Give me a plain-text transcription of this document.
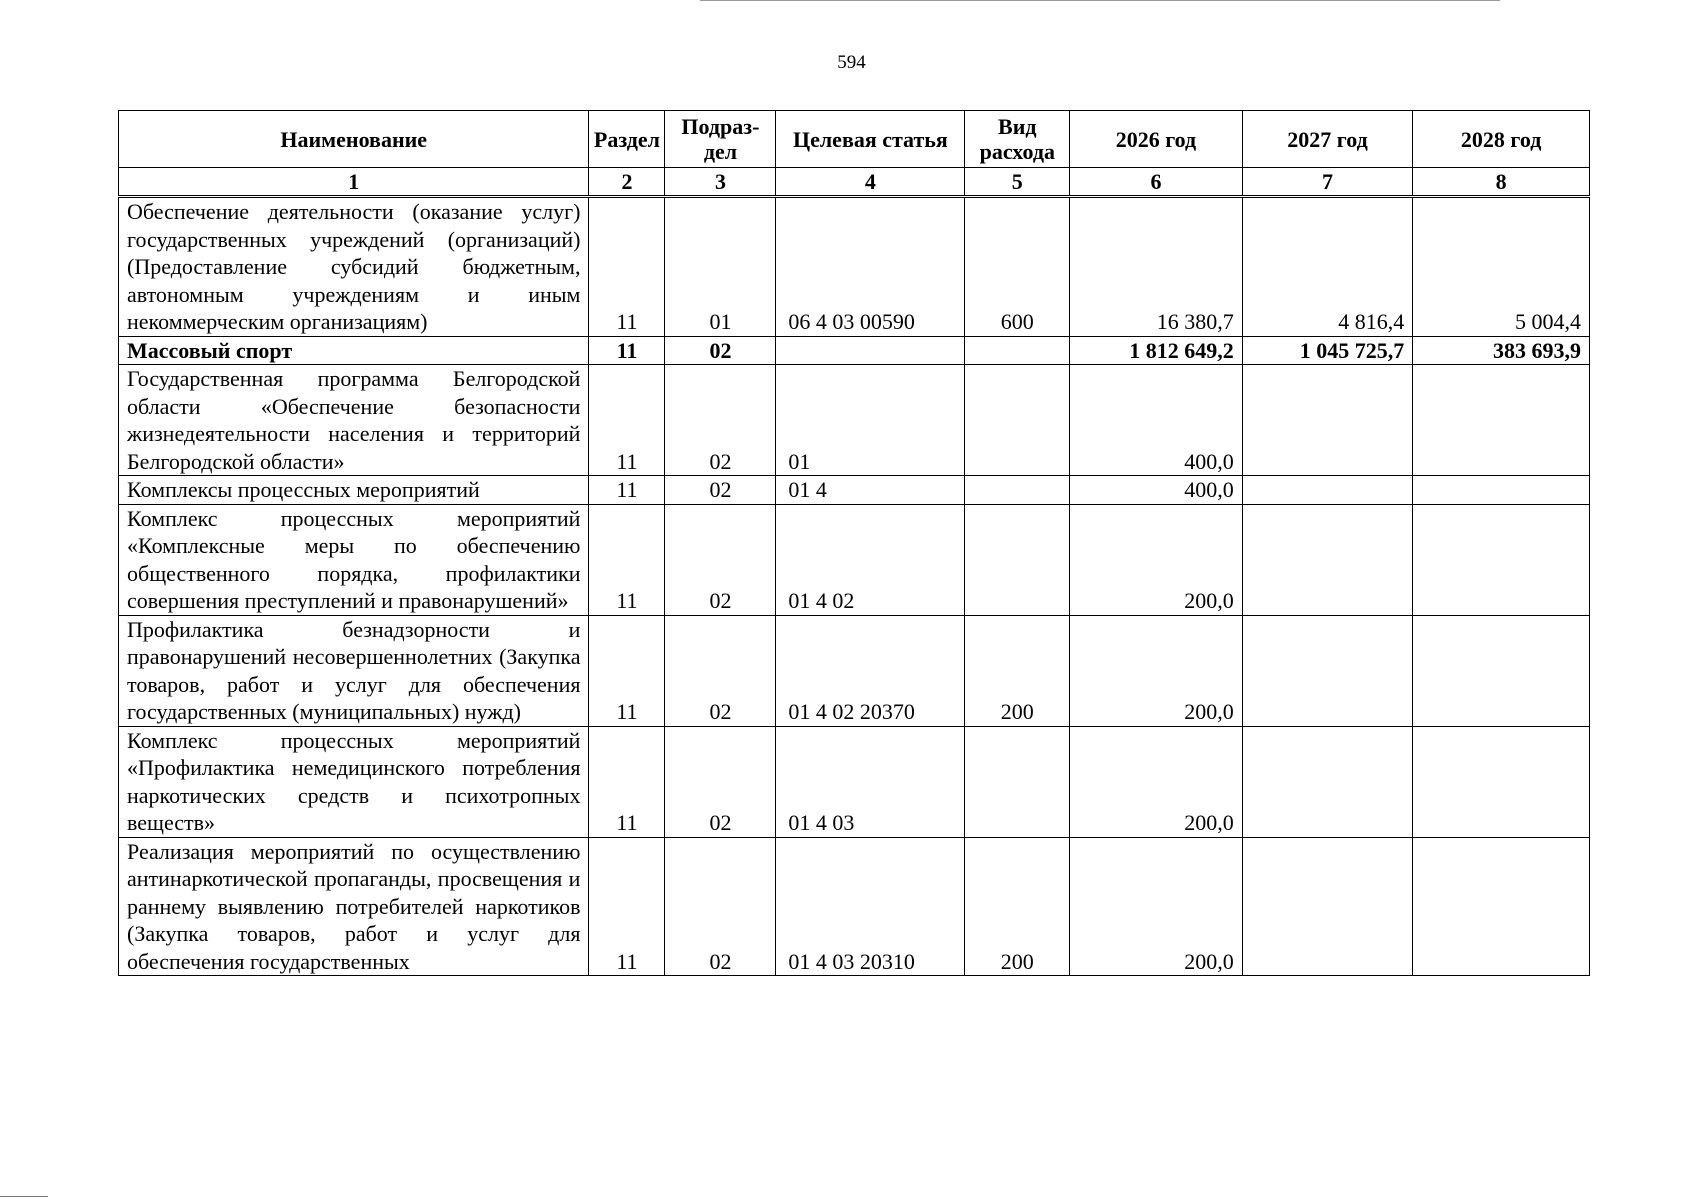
594
Наименование	Раздел	Подраз-дел	Целевая статья	Вид расхода	2026 год	2027 год	2028 год
1	2	3	4	5	6	7	8
Обеспечение деятельности (оказание услуг) государственных учреждений (организаций) (Предоставление субсидий бюджетным, автономным учреждениям и иным некоммерческим организациям)	11	01	06 4 03 00590	600	16 380,7	4 816,4	5 004,4
Массовый спорт	11	02			1 812 649,2	1 045 725,7	383 693,9
Государственная программа Белгородской области «Обеспечение безопасности жизнедеятельности населения и территорий Белгородской области»	11	02	01		400,0		
Комплексы процессных мероприятий	11	02	01 4		400,0		
Комплекс процессных мероприятий «Комплексные меры по обеспечению общественного порядка, профилактики совершения преступлений и правонарушений»	11	02	01 4 02		200,0		
Профилактика безнадзорности и правонарушений несовершеннолетних (Закупка товаров, работ и услуг для обеспечения государственных (муниципальных) нужд)	11	02	01 4 02 20370	200	200,0		
Комплекс процессных мероприятий «Профилактика немедицинского потребления наркотических средств и психотропных веществ»	11	02	01 4 03		200,0		
Реализация мероприятий по осуществлению антинаркотической пропаганды, просвещения и раннему выявлению потребителей наркотиков (Закупка товаров, работ и услуг для обеспечения государственных	11	02	01 4 03 20310	200	200,0		
